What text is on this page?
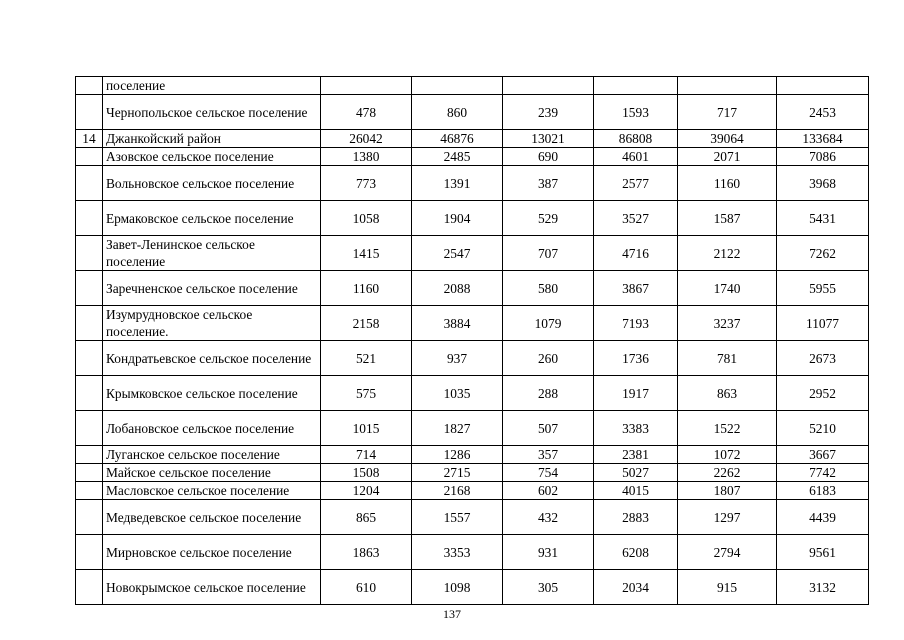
	поселение						
	Чернопольское сельское поселение	478	860	239	1593	717	2453
14	Джанкойский район	26042	46876	13021	86808	39064	133684
	Азовское сельское поселение	1380	2485	690	4601	2071	7086
	Вольновское сельское поселение	773	1391	387	2577	1160	3968
	Ермаковское сельское поселение	1058	1904	529	3527	1587	5431
	Завет-Ленинское сельское поселение	1415	2547	707	4716	2122	7262
	Заречненское сельское поселение	1160	2088	580	3867	1740	5955
	Изумрудновское сельское поселение.	2158	3884	1079	7193	3237	11077
	Кондратьевское сельское поселение	521	937	260	1736	781	2673
	Крымковское сельское поселение	575	1035	288	1917	863	2952
	Лобановское сельское поселение	1015	1827	507	3383	1522	5210
	Луганское сельское поселение	714	1286	357	2381	1072	3667
	Майское сельское поселение	1508	2715	754	5027	2262	7742
	Масловское сельское поселение	1204	2168	602	4015	1807	6183
	Медведевское сельское поселение	865	1557	432	2883	1297	4439
	Мирновское сельское поселение	1863	3353	931	6208	2794	9561
	Новокрымское сельское поселение	610	1098	305	2034	915	3132
137
